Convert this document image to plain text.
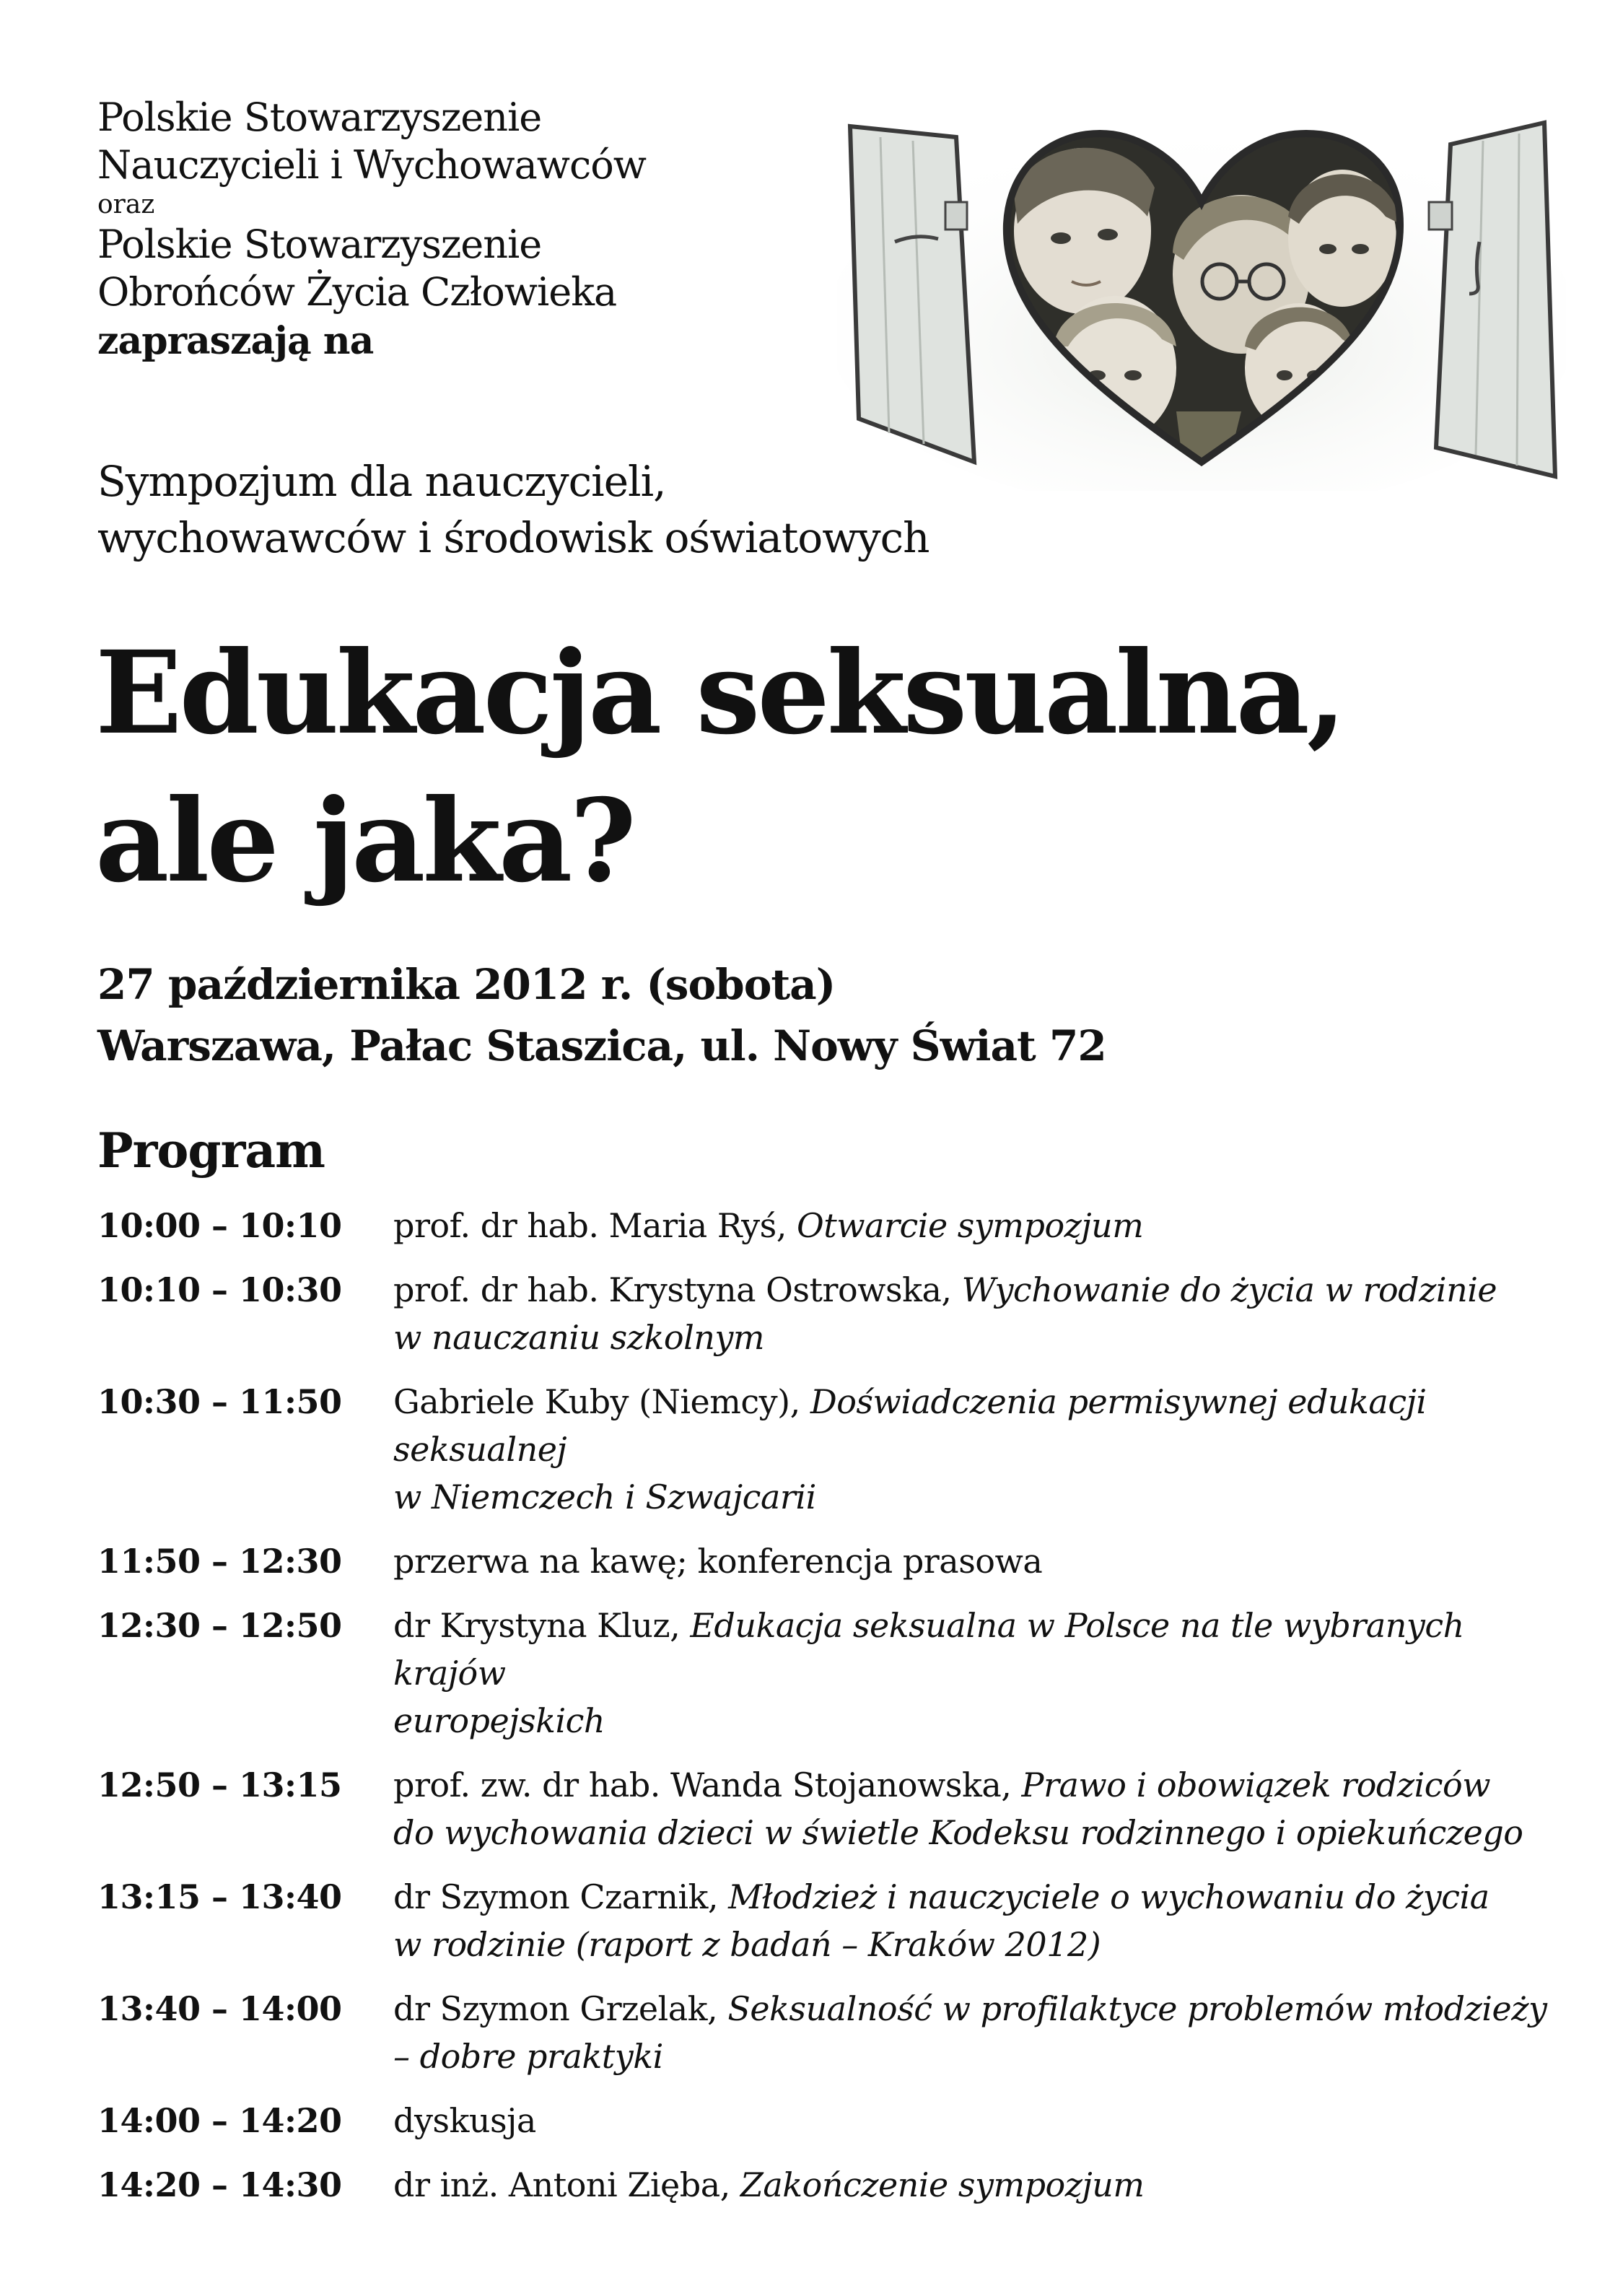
Polskie Stowarzyszenie
Nauczycieli i Wychowawców
oraz
Polskie Stowarzyszenie
Obrońców Życia Człowieka
zapraszają na
Sympozjum dla nauczycieli,
wychowawców i środowisk oświatowych
Edukacja seksualna,
ale jaka?
27 października 2012 r. (sobota)
Warszawa, Pałac Staszica, ul. Nowy Świat 72
Program
10:00 – 10:10	prof. dr hab. Maria Ryś, Otwarcie sympozjum
10:10 – 10:30	prof. dr hab. Krystyna Ostrowska, Wychowanie do życia w rodzinie
w nauczaniu szkolnym
10:30 – 11:50	Gabriele Kuby (Niemcy), Doświadczenia permisywnej edukacji seksualnej
w Niemczech i Szwajcarii
11:50 – 12:30	przerwa na kawę; konferencja prasowa
12:30 – 12:50	dr Krystyna Kluz, Edukacja seksualna w Polsce na tle wybranych krajów
europejskich
12:50 – 13:15	prof. zw. dr hab. Wanda Stojanowska, Prawo i obowiązek rodziców
do wychowania dzieci w świetle Kodeksu rodzinnego i opiekuńczego
13:15 – 13:40	dr Szymon Czarnik, Młodzież i nauczyciele o wychowaniu do życia
w rodzinie (raport z badań – Kraków 2012)
13:40 – 14:00	dr Szymon Grzelak, Seksualność w profilaktyce problemów młodzieży
– dobre praktyki
14:00 – 14:20	dyskusja
14:20 – 14:30	dr inż. Antoni Zięba, Zakończenie sympozjum
